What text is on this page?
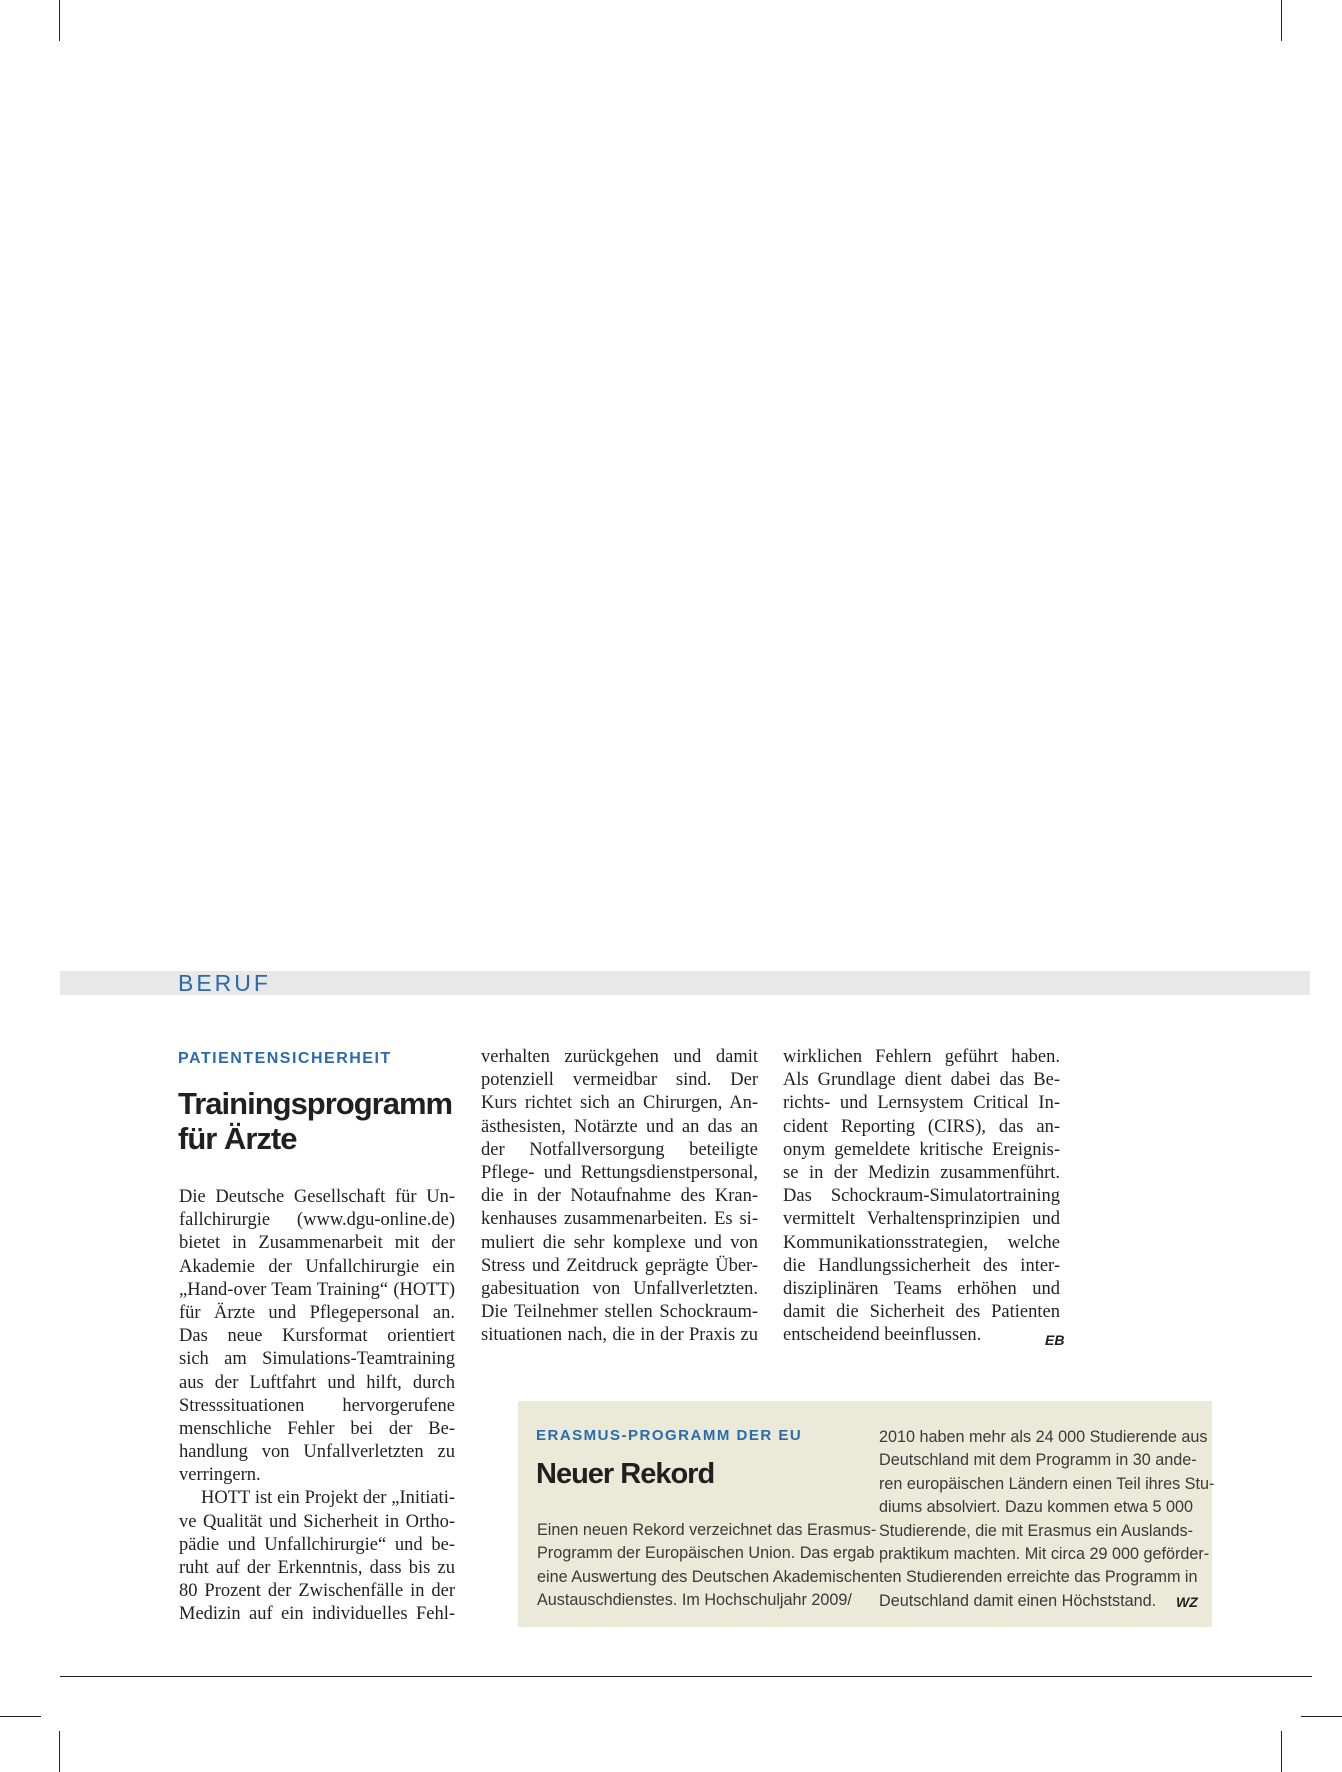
BERUF
PATIENTENSICHERHEIT
Trainingsprogramm
für Ärzte
Die Deutsche Gesellschaft für Un-
fallchirurgie (www.dgu-online.de)
bietet in Zusammenarbeit mit der
Akademie der Unfallchirurgie ein
„Hand-over Team Training“ (HOTT)
für Ärzte und Pflegepersonal an.
Das neue Kursformat orientiert
sich am Simulations-Teamtraining
aus der Luftfahrt und hilft, durch
Stresssituationen hervorgerufene
menschliche Fehler bei der Be-
handlung von Unfallverletzten zu
verringern.
HOTT ist ein Projekt der „Initiati-
ve Qualität und Sicherheit in Ortho-
pädie und Unfallchirurgie“ und be-
ruht auf der Erkenntnis, dass bis zu
80 Prozent der Zwischenfälle in der
Medizin auf ein individuelles Fehl-
verhalten zurückgehen und damit
potenziell vermeidbar sind. Der
Kurs richtet sich an Chirurgen, An-
ästhesisten, Notärzte und an das an
der Notfallversorgung beteiligte
Pflege- und Rettungsdienstpersonal,
die in der Notaufnahme des Kran-
kenhauses zusammenarbeiten. Es si-
muliert die sehr komplexe und von
Stress und Zeitdruck geprägte Über-
gabesituation von Unfallverletzten.
Die Teilnehmer stellen Schockraum-
situationen nach, die in der Praxis zu
wirklichen Fehlern geführt haben.
Als Grundlage dient dabei das Be-
richts- und Lernsystem Critical In-
cident Reporting (CIRS), das an-
onym gemeldete kritische Ereignis-
se in der Medizin zusammenführt.
Das Schockraum-Simulatortraining
vermittelt Verhaltensprinzipien und
Kommunikationsstrategien, welche
die Handlungssicherheit des inter-
disziplinären Teams erhöhen und
damit die Sicherheit des Patienten
entscheidend beeinflussen.	EB
ERASMUS-PROGRAMM DER EU
Neuer Rekord
Einen neuen Rekord verzeichnet das Erasmus-
Programm der Europäischen Union. Das ergab
eine Auswertung des Deutschen Akademischen
Austauschdienstes. Im Hochschuljahr 2009/
2010 haben mehr als 24 000 Studierende aus
Deutschland mit dem Programm in 30 ande-
ren europäischen Ländern einen Teil ihres Stu-
diums absolviert. Dazu kommen etwa 5 000
Studierende, die mit Erasmus ein Auslands-
praktikum machten. Mit circa 29 000 geförder-
ten Studierenden erreichte das Programm in
Deutschland damit einen Höchststand.	WZ
